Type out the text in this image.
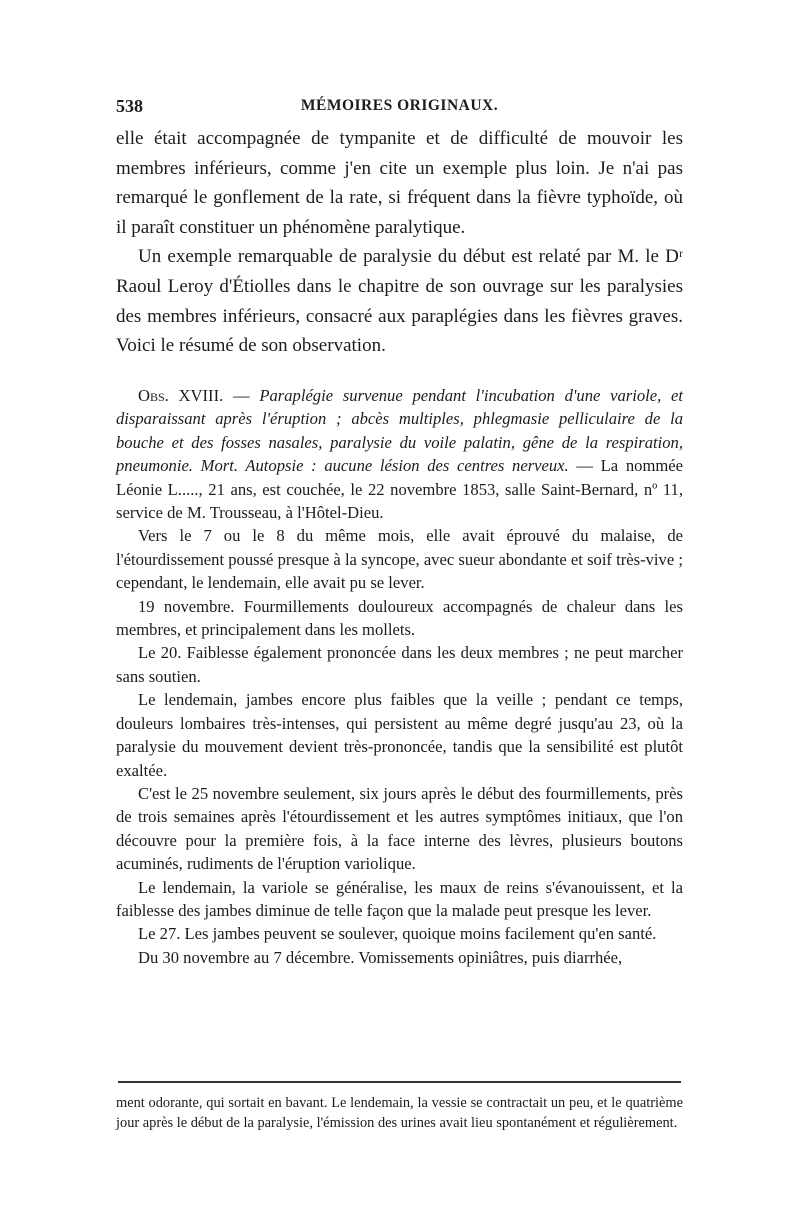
538	MÉMOIRES ORIGINAUX.

elle était accompagnée de tympanite et de difficulté de mouvoir les membres inférieurs, comme j'en cite un exemple plus loin. Je n'ai pas remarqué le gonflement de la rate, si fréquent dans la fièvre typhoïde, où il paraît constituer un phénomène paralytique.

Un exemple remarquable de paralysie du début est relaté par M. le Dʳ Raoul Leroy d'Étiolles dans le chapitre de son ouvrage sur les paralysies des membres inférieurs, consacré aux paraplégies dans les fièvres graves. Voici le résumé de son observation.

Obs. XVIII. — Paraplégie survenue pendant l'incubation d'une variole, et disparaissant après l'éruption ; abcès multiples, phlegmasie pelliculaire de la bouche et des fosses nasales, paralysie du voile palatin, gêne de la respiration, pneumonie. Mort. Autopsie : aucune lésion des centres nerveux. — La nommée Léonie L....., 21 ans, est couchée, le 22 novembre 1853, salle Saint-Bernard, nº 11, service de M. Trousseau, à l'Hôtel-Dieu.

Vers le 7 ou le 8 du même mois, elle avait éprouvé du malaise, de l'étourdissement poussé presque à la syncope, avec sueur abondante et soif très-vive ; cependant, le lendemain, elle avait pu se lever.

19 novembre. Fourmillements douloureux accompagnés de chaleur dans les membres, et principalement dans les mollets.

Le 20. Faiblesse également prononcée dans les deux membres ; ne peut marcher sans soutien.

Le lendemain, jambes encore plus faibles que la veille ; pendant ce temps, douleurs lombaires très-intenses, qui persistent au même degré jusqu'au 23, où la paralysie du mouvement devient très-prononcée, tandis que la sensibilité est plutôt exaltée.

C'est le 25 novembre seulement, six jours après le début des fourmillements, près de trois semaines après l'étourdissement et les autres symptômes initiaux, que l'on découvre pour la première fois, à la face interne des lèvres, plusieurs boutons acuminés, rudiments de l'éruption variolique.

Le lendemain, la variole se généralise, les maux de reins s'évanouissent, et la faiblesse des jambes diminue de telle façon que la malade peut presque les lever.

Le 27. Les jambes peuvent se soulever, quoique moins facilement qu'en santé.

Du 30 novembre au 7 décembre. Vomissements opiniâtres, puis diarrhée,

ment odorante, qui sortait en bavant. Le lendemain, la vessie se contractait un peu, et le quatrième jour après le début de la paralysie, l'émission des urines avait lieu spontanément et régulièrement.
